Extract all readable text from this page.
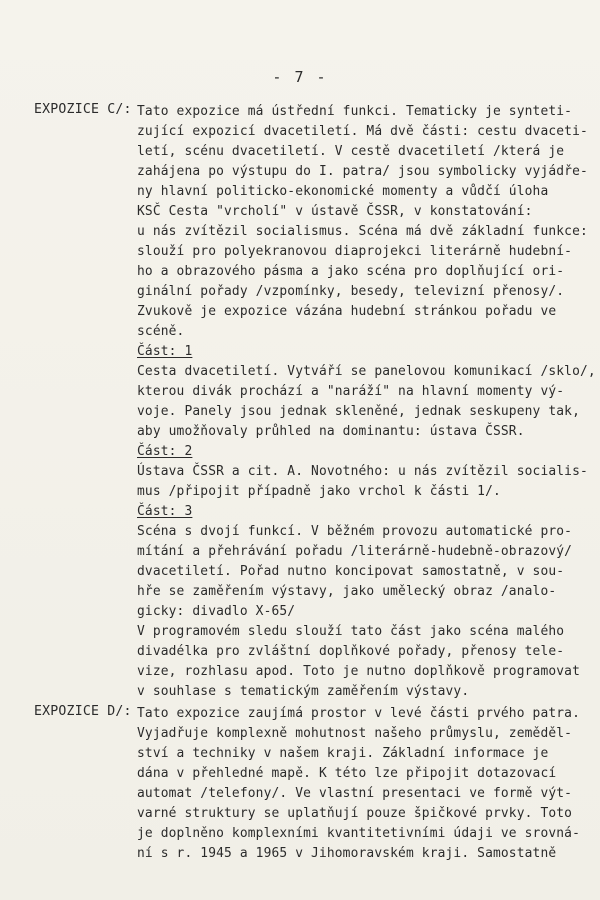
- 7 -
EXPOZICE C/: Tato expozice má ústřední funkci. Tematicky je synteti-
zující expozicí dvacetiletí. Má dvě části: cestu dvaceti-
letí, scénu dvacetiletí. V cestě dvacetiletí /která je
zahájena po výstupu do I. patra/ jsou symbolicky vyjádře-
ny hlavní politicko-ekonomické momenty a vůdčí úloha
KSČ Cesta "vrcholí" v ústavě ČSSR, v konstatování:
u nás zvítězil socialismus. Scéna má dvě základní funkce:
slouží pro polyekranovou diaprojekci literárně hudební-
ho a obrazového pásma a jako scéna pro doplňující ori-
ginální pořady /vzpomínky, besedy, televizní přenosy/.
Zvukově je expozice vázána hudební stránkou pořadu ve
scéně.
Část: 1
Cesta dvacetiletí. Vytváří se panelovou komunikací /sklo/,
kterou divák prochází a "naráží" na hlavní momenty vý-
voje. Panely jsou jednak skleněné, jednak seskupeny tak,
aby umožňovaly průhled na dominantu: ústava ČSSR.
Část: 2
Ústava ČSSR a cit. A. Novotného: u nás zvítězil socialis-
mus /připojit případně jako vrchol k části 1/.
Část: 3
Scéna s dvojí funkcí. V běžném provozu automatické pro-
mítání a přehrávání pořadu /literárně-hudebně-obrazový/
dvacetiletí. Pořad nutno koncipovat samostatně, v sou-
hře se zaměřením výstavy, jako umělecký obraz /analo-
gicky: divadlo X-65/
V programovém sledu slouží tato část jako scéna malého
divadélka pro zvláštní doplňkové pořady, přenosy tele-
vize, rozhlasu apod. Toto je nutno doplňkově programovat
v souhlase s tematickým zaměřením výstavy.
EXPOZICE D/: Tato expozice zaujímá prostor v levé části prvého patra.
Vyjadřuje komplexně mohutnost našeho průmyslu, zeměděl-
ství a techniky v našem kraji. Základní informace je
dána v přehledné mapě. K této lze připojit dotazovací
automat /telefony/. Ve vlastní presentaci ve formě výt-
varné struktury se uplatňují pouze špičkové prvky. Toto
je doplněno komplexními kvantitetivními údaji ve srovná-
ní s r. 1945 a 1965 v Jihomoravském kraji. Samostatně
